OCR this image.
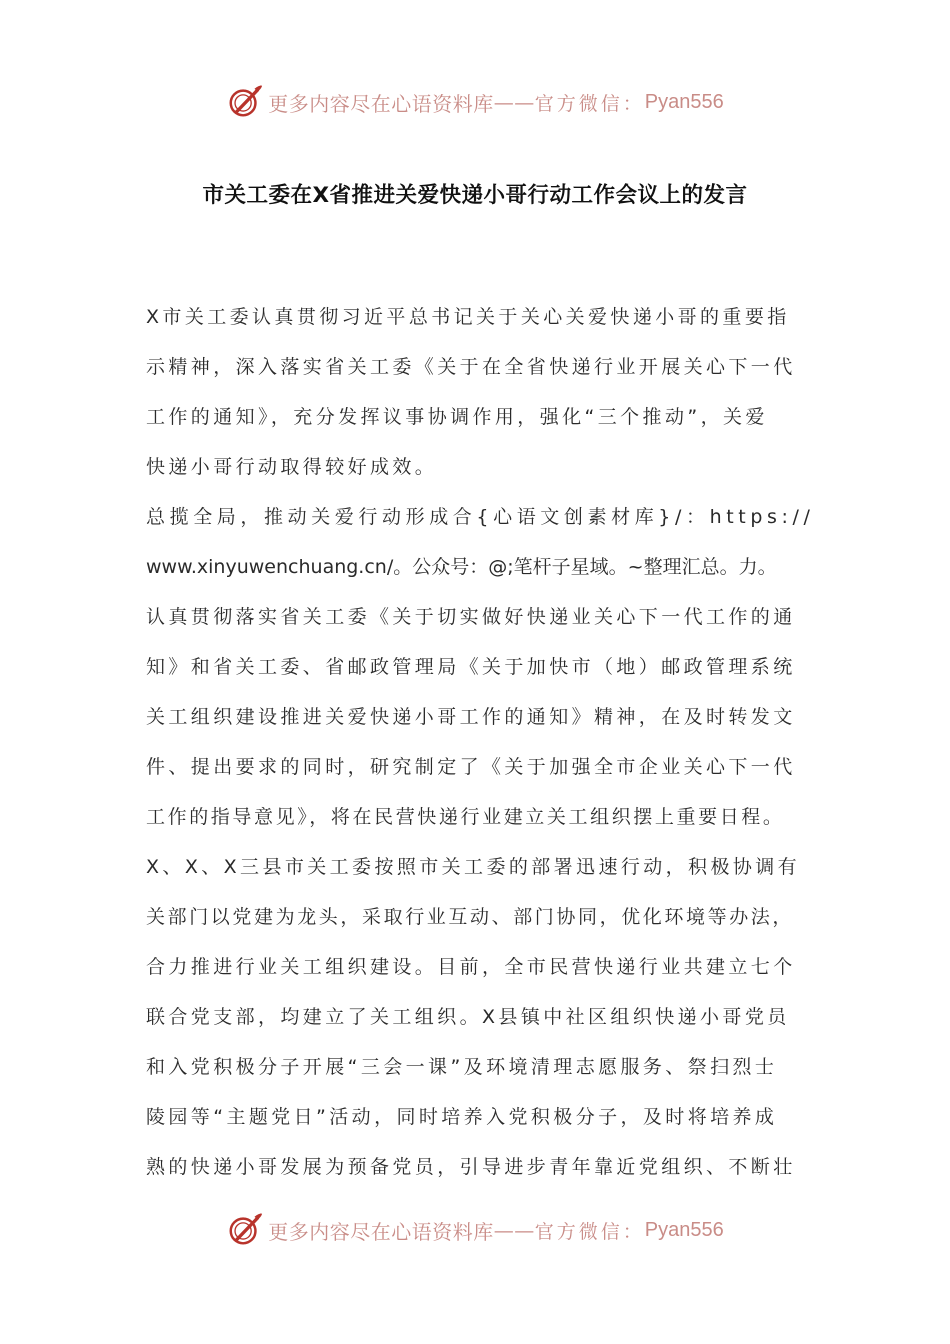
更多内容尽在心语资料库 —— 官方微信： Pyan556
市关工委在X省推进关爱快递小哥行动工作会议上的发言
X市关工委认真贯彻习近平总书记关于关心关爱快递小哥的重要指
示精神，深入落实省关工委《关于在全省快递行业开展关心下一代
工作的通知》，充分发挥议事协调作用，强化“三个推动”，关爱
快递小哥行动取得较好成效。
总揽全局，推动关爱行动形成合{心语文创素材库}/：https://
www.xinyuwenchuang.cn/。公众号：@;笔杆子星域。~整理汇总。力。
认真贯彻落实省关工委《关于切实做好快递业关心下一代工作的通
知》和省关工委、省邮政管理局《关于加快市（地）邮政管理系统
关工组织建设推进关爱快递小哥工作的通知》精神，在及时转发文
件、提出要求的同时，研究制定了《关于加强全市企业关心下一代
工作的指导意见》，将在民营快递行业建立关工组织摆上重要日程。
X、X、X三县市关工委按照市关工委的部署迅速行动，积极协调有
关部门以党建为龙头，采取行业互动、部门协同，优化环境等办法，
合力推进行业关工组织建设。目前，全市民营快递行业共建立七个
联合党支部，均建立了关工组织。X县镇中社区组织快递小哥党员
和入党积极分子开展“三会一课”及环境清理志愿服务、祭扫烈士
陵园等“主题党日”活动，同时培养入党积极分子，及时将培养成
熟的快递小哥发展为预备党员，引导进步青年靠近党组织、不断壮
更多内容尽在心语资料库 —— 官方微信： Pyan556
